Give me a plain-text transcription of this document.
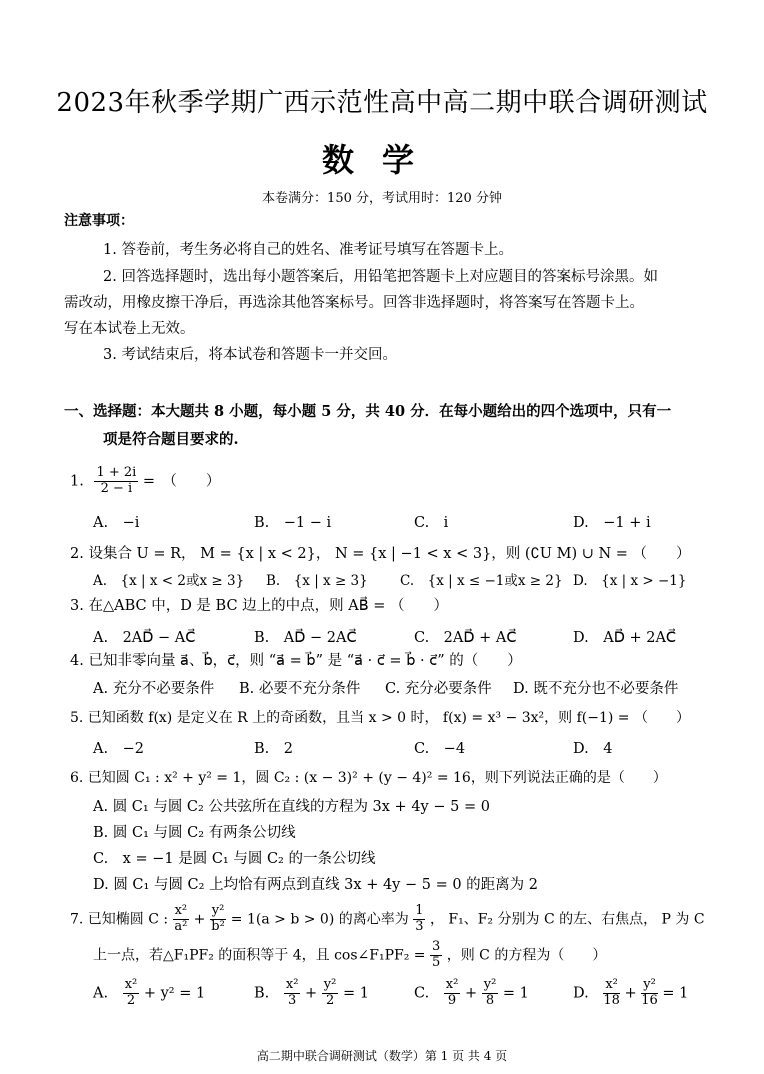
2023年秋季学期广西示范性高中高二期中联合调研测试
数学
本卷满分：150 分，考试用时：120 分钟
注意事项：
1. 答卷前，考生务必将自己的姓名、准考证号填写在答题卡上。
2. 回答选择题时，选出每小题答案后，用铅笔把答题卡上对应题目的答案标号涂黑。如
需改动，用橡皮擦干净后，再选涂其他答案标号。回答非选择题时，将答案写在答题卡上。
写在本试卷上无效。
3. 考试结束后，将本试卷和答题卡一并交回。
一、选择题：本大题共 8 小题，每小题 5 分，共 40 分．在每小题给出的四个选项中，只有一
项是符合题目要求的.
1. $\frac{1 + 2i}{2 - i}$ =　（　　）
A.　−i	B.　−1 − i	C.　i	D.　−1 + i
2. 设集合 U = R， M = {x | x < 2}， N = {x | −1 < x < 3}，则 (∁U M) ∪ N = （　　）
A.　{x | x < 2或x ≥ 3} B.　{x | x ≥ 3} C.　{x | x ≤ −1或x ≥ 2} D.　{x | x > −1}
3. 在△ABC 中，D 是 BC 边上的中点，则 AB⃗ = （　　）
A.　2AD⃗ − AC⃗	B.　AD⃗ − 2AC⃗	C.　2AD⃗ + AC⃗	D.　AD⃗ + 2AC⃗
4. 已知非零向量 a⃗、b⃗，c⃗，则 “a⃗ = b⃗” 是 “a⃗ · c⃗ = b⃗ · c⃗” 的（　　）
A. 充分不必要条件 B. 必要不充分条件 C. 充分必要条件 D. 既不充分也不必要条件
5. 已知函数 f(x) 是定义在 R 上的奇函数，且当 x > 0 时， f(x) = x³ − 3x²，则 f(−1) = （　　）
A.　−2	B.　2	C.　−4	D.　4
6. 已知圆 C₁ : x² + y² = 1，圆 C₂ : (x − 3)² + (y − 4)² = 16，则下列说法正确的是（　　）
A. 圆 C₁ 与圆 C₂ 公共弦所在直线的方程为 3x + 4y − 5 = 0
B. 圆 C₁ 与圆 C₂ 有两条公切线
C.　x = −1 是圆 C₁ 与圆 C₂ 的一条公切线
D. 圆 C₁ 与圆 C₂ 上均恰有两点到直线 3x + 4y − 5 = 0 的距离为 2
7. 已知椭圆 C : $\frac{\text{x²}}{\text{a²}} + \frac{\text{y²}}{\text{b²}} = 1(a > b > 0)$ 的离心率为 $\frac{1}{3}$ ， F₁、F₂ 分别为 C 的左、右焦点， P 为 C
上一点，若△F₁PF₂ 的面积等于 4，且 cos∠F₁PF₂ = $\frac{3}{5}$ ，则 C 的方程为（　　）
A. $\frac{\text{x²}}{2} + y^2 = 1$	B. $\frac{\text{x²}}{3} + \frac{\text{y²}}{2} = 1$	C. $\frac{\text{x²}}{9} + \frac{\text{y²}}{8} = 1$	D. $\frac{\text{x²}}{18} + \frac{\text{y²}}{16} = 1$
高二期中联合调研测试（数学）第 1 页 共 4 页
